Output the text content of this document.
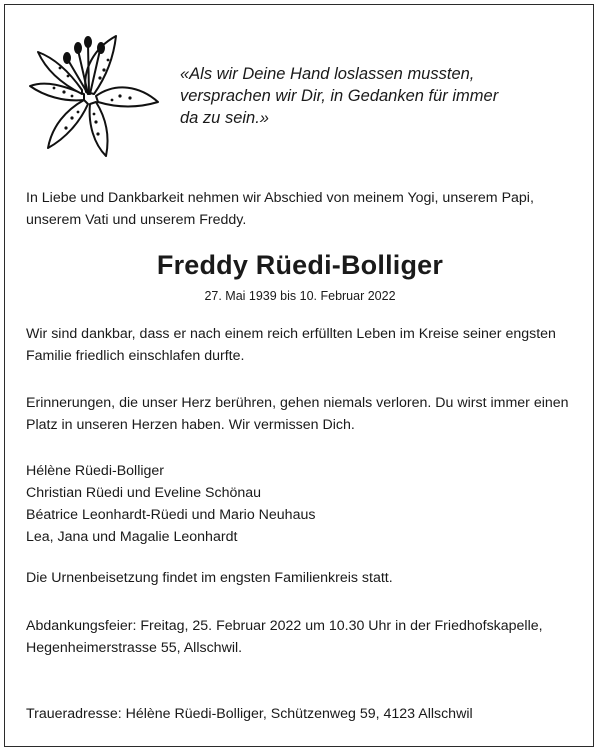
«Als wir Deine Hand loslassen mussten,
versprachen wir Dir, in Gedanken für immer
da zu sein.»
In Liebe und Dankbarkeit nehmen wir Abschied von meinem Yogi, unserem Papi,
unserem Vati und unserem Freddy.
Freddy Rüedi-Bolliger
27. Mai 1939 bis 10. Februar 2022
Wir sind dankbar, dass er nach einem reich erfüllten Leben im Kreise seiner engsten
Familie friedlich einschlafen durfte.
Erinnerungen, die unser Herz berühren, gehen niemals verloren. Du wirst immer einen
Platz in unseren Herzen haben. Wir vermissen Dich.
Hélène Rüedi-Bolliger
Christian Rüedi und Eveline Schönau
Béatrice Leonhardt-Rüedi und Mario Neuhaus
Lea, Jana und Magalie Leonhardt
Die Urnenbeisetzung findet im engsten Familienkreis statt.
Abdankungsfeier: Freitag, 25. Februar 2022 um 10.30 Uhr in der Friedhofskapelle,
Hegenheimerstrasse 55, Allschwil.
Traueradresse: Hélène Rüedi-Bolliger, Schützenweg 59, 4123 Allschwil
